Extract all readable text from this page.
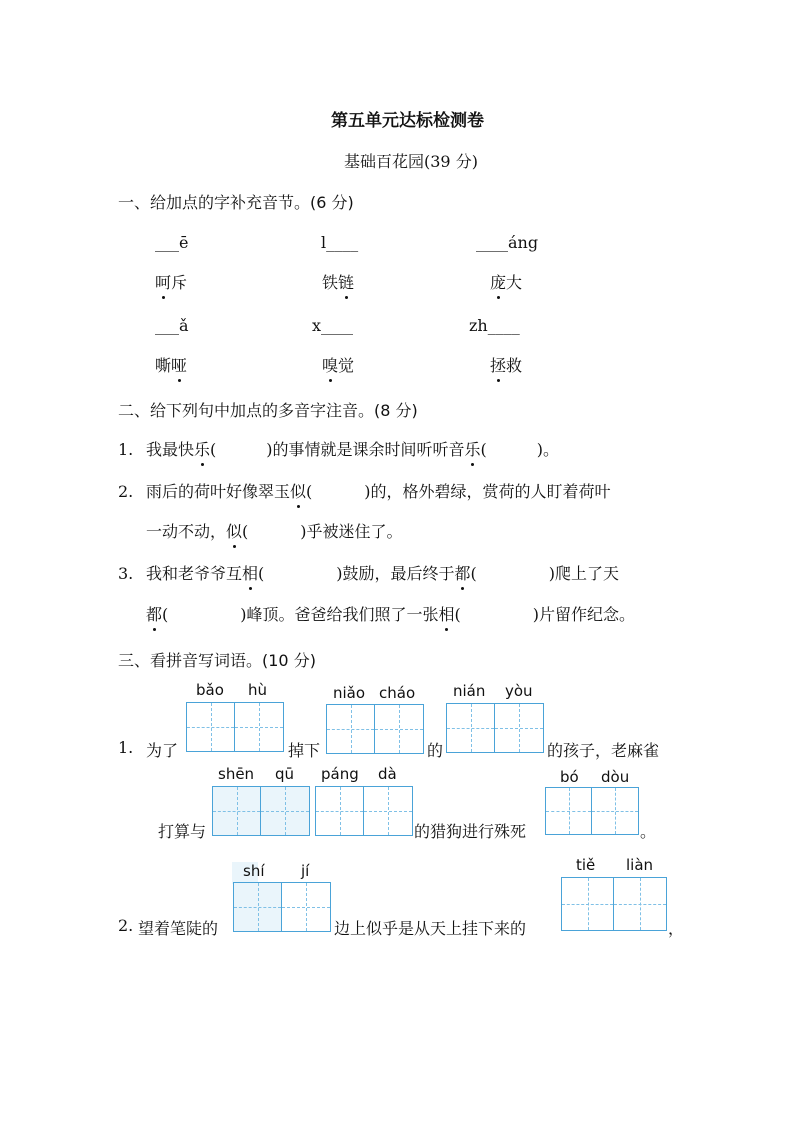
第五单元达标检测卷
基础百花园(39 分)
一、给加点的字补充音节。(6 分)
___ē	l____	____áng
呵斥	铁链	庞大
___ǎ	x____	zh____
嘶哑	嗅觉	拯救
二、给下列句中加点的多音字注音。(8 分)
1. 我最快乐(	)的事情就是课余时间听听音乐(	)。
2. 雨后的荷叶好像翠玉似(	)的，格外碧绿，赏荷的人盯着荷叶
一动不动，似(	)乎被迷住了。
3. 我和老爷爷互相(	)鼓励，最后终于都(	)爬上了天
都(	)峰顶。爸爸给我们照了一张相(	)片留作纪念。
三、看拼音写词语。(10 分)
bǎo hù	niǎo cháo	nián yòu
1. 为了	掉下	的	的孩子，老麻雀
shēn qū páng dà	bó dòu
打算与	的猎狗进行殊死	。
shí jí	tiě liàn
2. 望着笔陡的	边上似乎是从天上挂下来的	，
